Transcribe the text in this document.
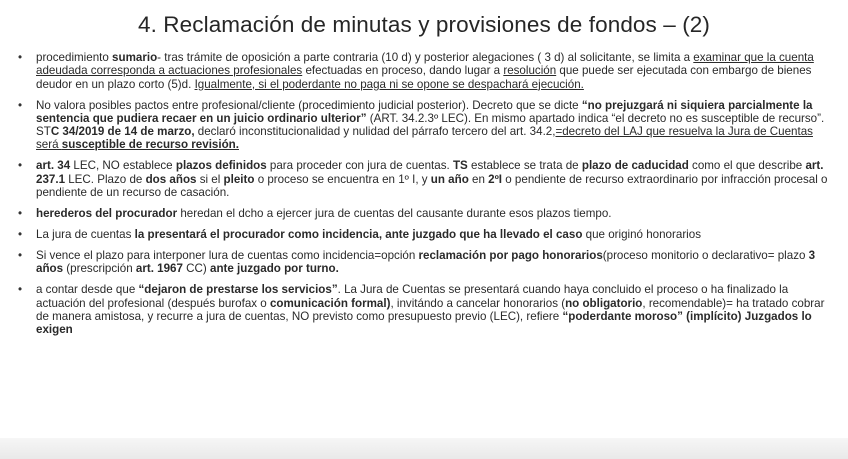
4. Reclamación de minutas y provisiones de fondos – (2)
• procedimiento sumario- tras trámite de oposición a parte contraria (10 d) y posterior alegaciones ( 3 d) al solicitante, se limita a examinar que la cuenta adeudada corresponda a actuaciones profesionales efectuadas en proceso, dando lugar a resolución que puede ser ejecutada con embargo de bienes deudor en un plazo corto (5)d. Igualmente, si el poderdante no paga ni se opone se despachará ejecución.
• No valora posibles pactos entre profesional/cliente (procedimiento judicial posterior). Decreto que se dicte “no prejuzgará ni siquiera parcialmente la sentencia que pudiera recaer en un juicio ordinario ulterior” (ART. 34.2.3º LEC). En mismo apartado indica “el decreto no es susceptible de recurso”. STC 34/2019 de 14 de marzo, declaró inconstitucionalidad y nulidad del párrafo tercero del art. 34.2,=decreto del LAJ que resuelva la Jura de Cuentas será susceptible de recurso revisión.
• art. 34 LEC, NO establece plazos definidos para proceder con jura de cuentas. TS establece se trata de plazo de caducidad como el que describe art. 237.1 LEC. Plazo de dos años si el pleito o proceso se encuentra en 1º I, y un año en 2ºI o pendiente de recurso extraordinario por infracción procesal o pendiente de un recurso de casación.
• herederos del procurador heredan el dcho a ejercer jura de cuentas del causante durante esos plazos tiempo.
• La jura de cuentas la presentará el procurador como incidencia, ante juzgado que ha llevado el caso que originó honorarios
• Si vence el plazo para interponer lura de cuentas como incidencia=opción reclamación por pago honorarios(proceso monitorio o declarativo= plazo 3 años (prescripción art. 1967 CC) ante juzgado por turno.
• a contar desde que “dejaron de prestarse los servicios”. La Jura de Cuentas se presentará cuando haya concluido el proceso o ha finalizado la actuación del profesional (después burofax o comunicación formal), invitándo a cancelar honorarios (no obligatorio, recomendable)= ha tratado cobrar de manera amistosa, y recurre a jura de cuentas, NO previsto como presupuesto previo (LEC), refiere “poderdante moroso” (implícito) Juzgados lo exigen
